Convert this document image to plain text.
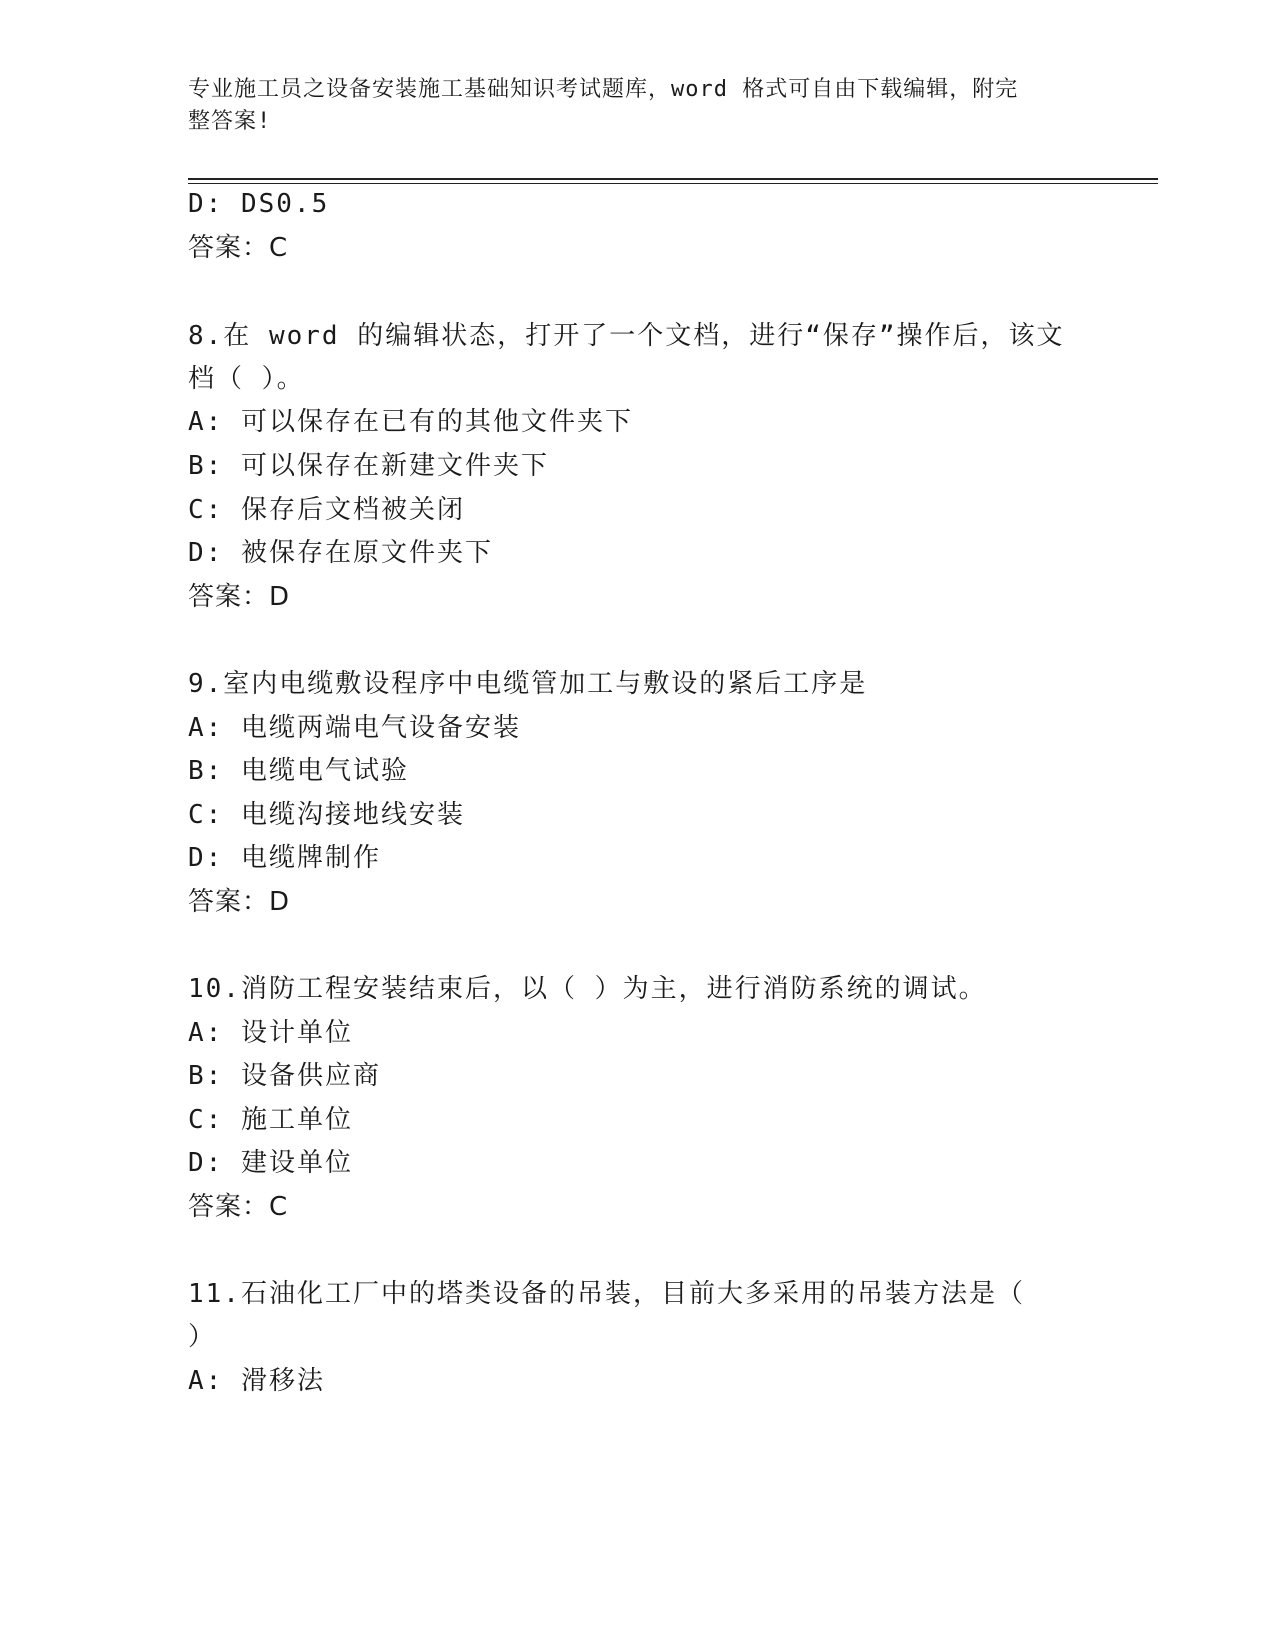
专业施工员之设备安装施工基础知识考试题库，word 格式可自由下载编辑，附完
整答案!
D: DS0.5
答案：C
8.在 word 的编辑状态，打开了一个文档，进行“保存”操作后，该文
档（ ）。
A: 可以保存在已有的其他文件夹下
B: 可以保存在新建文件夹下
C: 保存后文档被关闭
D: 被保存在原文件夹下
答案：D
9.室内电缆敷设程序中电缆管加工与敷设的紧后工序是
A: 电缆两端电气设备安装
B: 电缆电气试验
C: 电缆沟接地线安装
D: 电缆牌制作
答案：D
10.消防工程安装结束后，以（ ）为主，进行消防系统的调试。
A: 设计单位
B: 设备供应商
C: 施工单位
D: 建设单位
答案：C
11.石油化工厂中的塔类设备的吊装，目前大多采用的吊装方法是（
）
A: 滑移法
